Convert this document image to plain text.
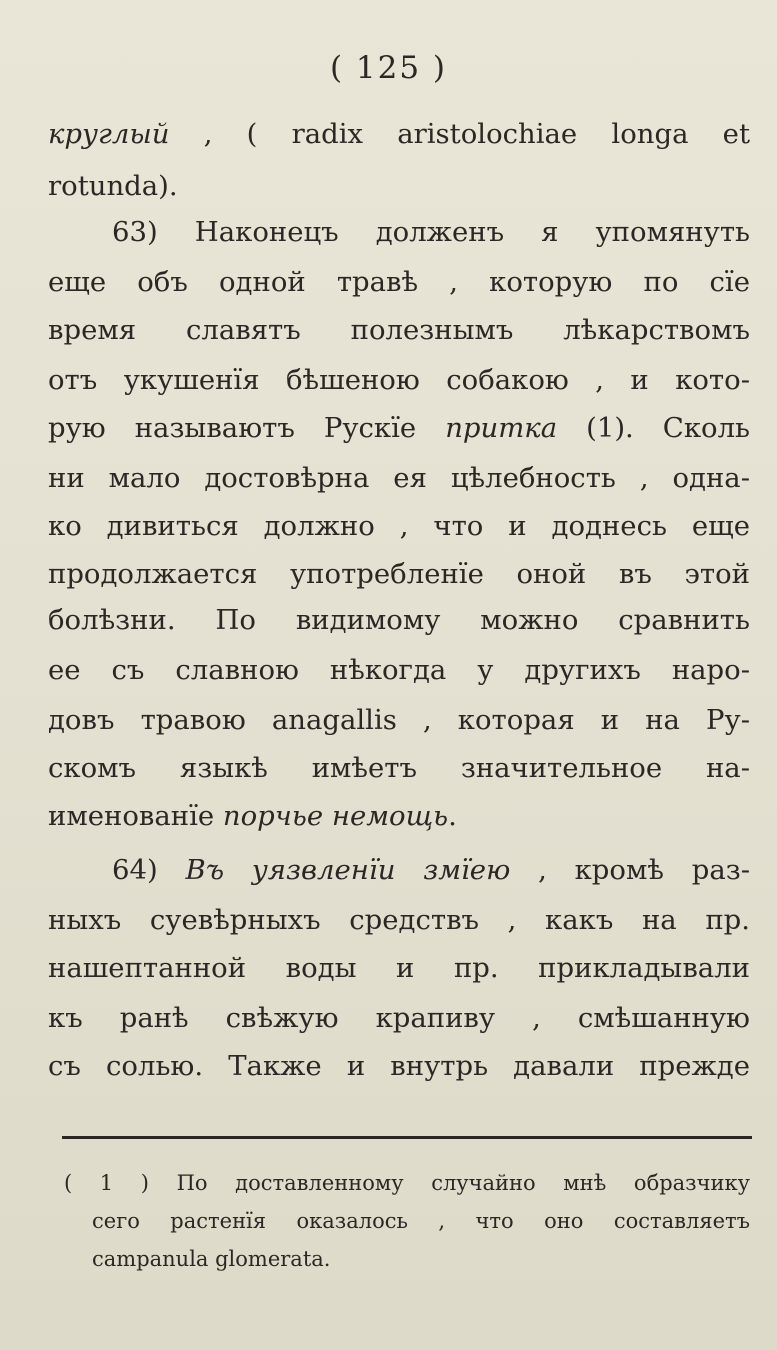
( 125 )
круглый , ( radix aristolochiae longa et
rotunda).
63) Наконецъ долженъ я упомянуть
еще объ одной травѣ , которую по сїе
время славятъ полезнымъ лѣкарствомъ
отъ укушенїя бѣшеною собакою , и кото-
рую называютъ Рускїе притка (1). Сколь
ни мало достовѣрна ея цѣлебность , одна-
ко дивиться должно , что и доднесь еще
продолжается употребленїе оной въ этой
болѣзни. По видимому можно сравнить
ее съ славною нѣкогда у другихъ наро-
довъ травою anagallis , которая и на Ру-
скомъ языкѣ имѣетъ значительное на-
именованїе порчье немощь.
64) Въ уязвленїи змїею , кромѣ раз-
ныхъ суевѣрныхъ средствъ , какъ на пр.
нашептанной воды и пр. прикладывали
къ ранѣ свѣжую крапиву , смѣшанную
съ солью. Также и внутрь давали прежде
( 1 ) По доставленному случайно мнѣ образчику
сего растенїя оказалось , что оно составляетъ
campanula glomerata.
